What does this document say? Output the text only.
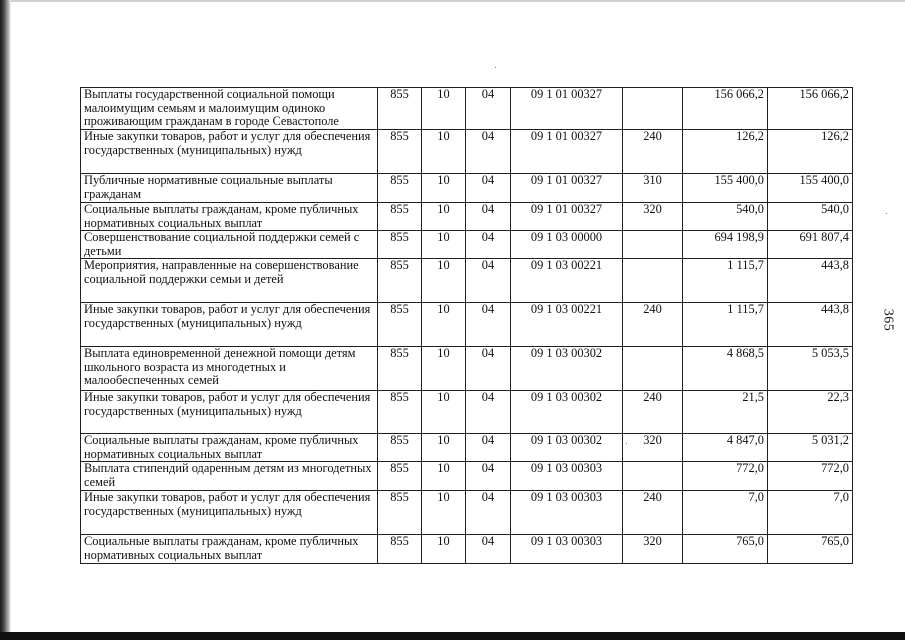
365
Выплаты государственной социальной помощи малоимущим семьям и малоимущим одиноко проживающим гражданам в городе Севастополе	855	10	04	09 1 01 00327		156 066,2	156 066,2
Иные закупки товаров, работ и услуг для обеспечения государственных (муниципальных) нужд	855	10	04	09 1 01 00327	240	126,2	126,2
Публичные нормативные социальные выплаты гражданам	855	10	04	09 1 01 00327	310	155 400,0	155 400,0
Социальные выплаты гражданам, кроме публичных нормативных социальных выплат	855	10	04	09 1 01 00327	320	540,0	540,0
Совершенствование социальной поддержки семей с детьми	855	10	04	09 1 03 00000		694 198,9	691 807,4
Мероприятия, направленные на совершенствование социальной поддержки семьи и детей	855	10	04	09 1 03 00221		1 115,7	443,8
Иные закупки товаров, работ и услуг для обеспечения государственных (муниципальных) нужд	855	10	04	09 1 03 00221	240	1 115,7	443,8
Выплата единовременной денежной помощи детям школьного возраста из многодетных и малообеспеченных семей	855	10	04	09 1 03 00302		4 868,5	5 053,5
Иные закупки товаров, работ и услуг для обеспечения государственных (муниципальных) нужд	855	10	04	09 1 03 00302	240	21,5	22,3
Социальные выплаты гражданам, кроме публичных нормативных социальных выплат	855	10	04	09 1 03 00302	320	4 847,0	5 031,2
Выплата стипендий одаренным детям из многодетных семей	855	10	04	09 1 03 00303		772,0	772,0
Иные закупки товаров, работ и услуг для обеспечения государственных (муниципальных) нужд	855	10	04	09 1 03 00303	240	7,0	7,0
Социальные выплаты гражданам, кроме публичных нормативных социальных выплат	855	10	04	09 1 03 00303	320	765,0	765,0
